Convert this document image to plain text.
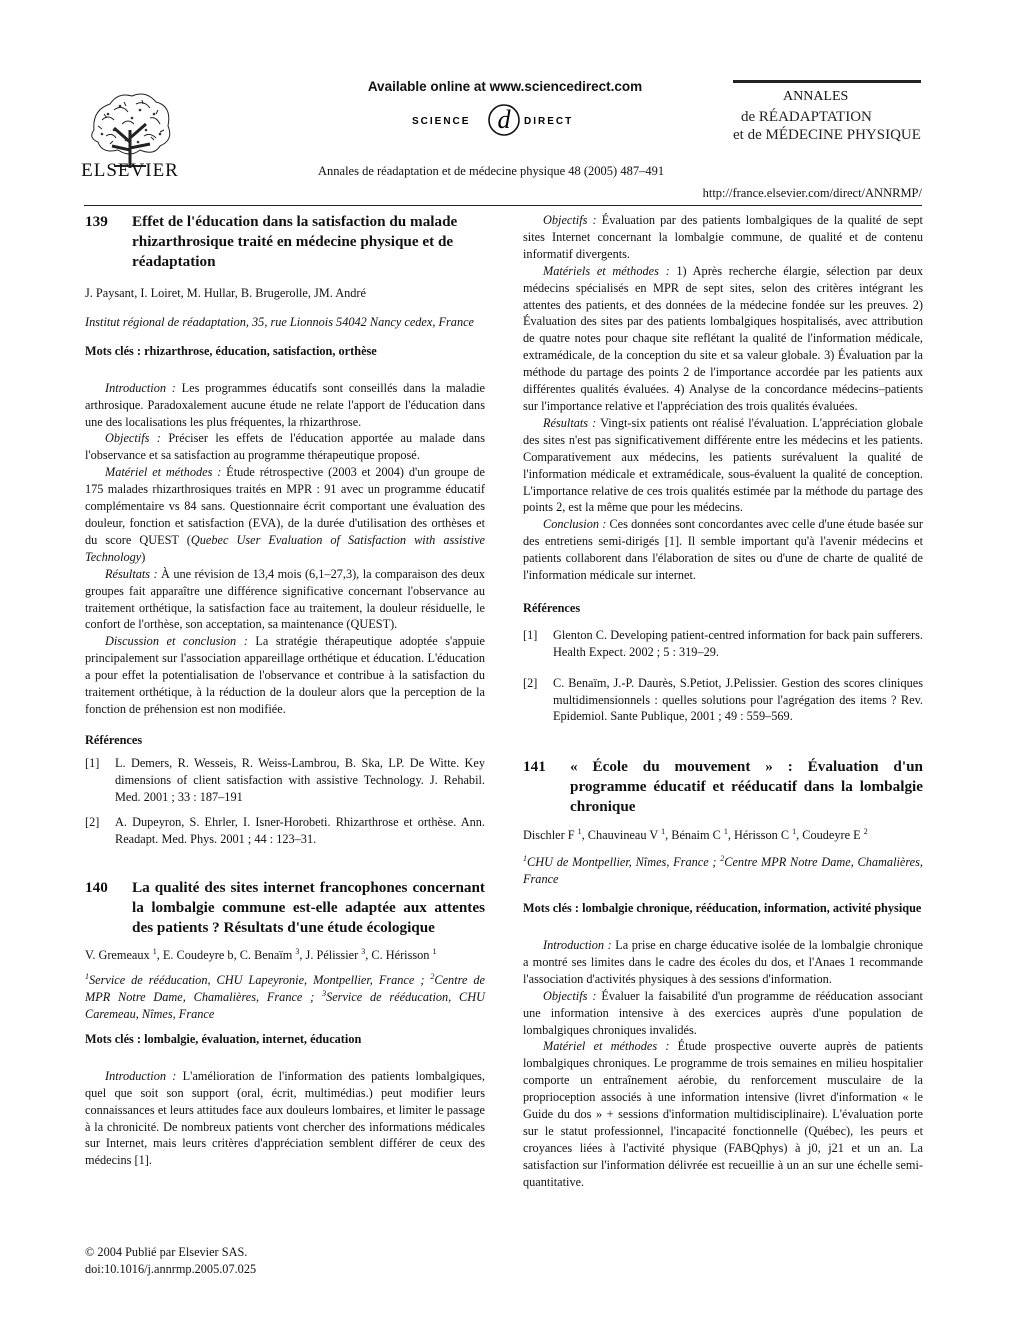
ELSEVIER
Available online at www.sciencedirect.com
SCIENCE d DIRECT
Annales de réadaptation et de médecine physique 48 (2005) 487–491
ANNALES
de RÉADAPTATION
et de MÉDECINE PHYSIQUE
http://france.elsevier.com/direct/ANNRMP/
139	Effet de l'éducation dans la satisfaction du malade rhizarthrosique traité en médecine physique et de réadaptation
J. Paysant, I. Loiret, M. Hullar, B. Brugerolle, JM. André
Institut régional de réadaptation, 35, rue Lionnois 54042 Nancy cedex, France
Mots clés : rhizarthrose, éducation, satisfaction, orthèse

Introduction : Les programmes éducatifs sont conseillés dans la maladie arthrosique. Paradoxalement aucune étude ne relate l'apport de l'éducation dans une des localisations les plus fréquentes, la rhizarthrose.

Objectifs : Préciser les effets de l'éducation apportée au malade dans l'observance et sa satisfaction au programme thérapeutique proposé.

Matériel et méthodes : Étude rétrospective (2003 et 2004) d'un groupe de 175 malades rhizarthrosiques traités en MPR : 91 avec un programme éducatif complémentaire vs 84 sans. Questionnaire écrit comportant une évaluation des douleur, fonction et satisfaction (EVA), de la durée d'utilisation des orthèses et du score QUEST (Quebec User Evaluation of Satisfaction with assistive Technology)

Résultats : À une révision de 13,4 mois (6,1–27,3), la comparaison des deux groupes fait apparaître une différence significative concernant l'observance au traitement orthétique, la satisfaction face au traitement, la douleur résiduelle, le confort de l'orthèse, son acceptation, sa maintenance (QUEST).

Discussion et conclusion : La stratégie thérapeutique adoptée s'appuie principalement sur l'association appareillage orthétique et éducation. L'éducation a pour effet la potentialisation de l'observance et contribue à la satisfaction du traitement orthétique, à la réduction de la douleur alors que la perception de la fonction de préhension est non modifiée.

Références
[1]	L. Demers, R. Wesseis, R. Weiss-Lambrou, B. Ska, LP. De Witte. Key dimensions of client satisfaction with assistive Technology. J. Rehabil. Med. 2001 ; 33 : 187–191
[2]	A. Dupeyron, S. Ehrler, I. Isner-Horobeti. Rhizarthrose et orthèse. Ann. Readapt. Med. Phys. 2001 ; 44 : 123–31.
140	La qualité des sites internet francophones concernant la lombalgie commune est-elle adaptée aux attentes des patients ? Résultats d'une étude écologique
V. Gremeaux $^1$, E. Coudeyre b, C. Benaïm $^3$, J. Pélissier $^3$, C. Hérisson $^1$
$^1$Service de rééducation, CHU Lapeyronie, Montpellier, France ; $^2$Centre de MPR Notre Dame, Chamalières, France ; $^3$Service de rééducation, CHU Caremeau, Nîmes, France
Mots clés : lombalgie, évaluation, internet, éducation

Introduction : L'amélioration de l'information des patients lombalgiques, quel que soit son support (oral, écrit, multimédias.) peut modifier leurs connaissances et leurs attitudes face aux douleurs lombaires, et limiter le passage à la chronicité. De nombreux patients vont chercher des informations médicales sur Internet, mais leurs critères d'appréciation semblent différer de ceux des médecins [1].

Objectifs : Évaluation par des patients lombalgiques de la qualité de sept sites Internet concernant la lombalgie commune, de qualité et de contenu informatif divergents.

Matériels et méthodes : 1) Après recherche élargie, sélection par deux médecins spécialisés en MPR de sept sites, selon des critères intégrant les attentes des patients, et des données de la médecine fondée sur les preuves. 2) Évaluation des sites par des patients lombalgiques hospitalisés, avec attribution de quatre notes pour chaque site reflétant la qualité de l'information médicale, extramédicale, de la conception du site et sa valeur globale. 3) Évaluation par la méthode du partage des points 2 de l'importance accordée par les patients aux différentes qualités évaluées. 4) Analyse de la concordance médecins–patients sur l'importance relative et l'appréciation des trois qualités évaluées.

Résultats : Vingt-six patients ont réalisé l'évaluation. L'appréciation globale des sites n'est pas significativement différente entre les médecins et les patients. Comparativement aux médecins, les patients surévaluent la qualité de l'information médicale et extramédicale, sous-évaluent la qualité de conception. L'importance relative de ces trois qualités estimée par la méthode du partage des points 2, est la même que pour les médecins.

Conclusion : Ces données sont concordantes avec celle d'une étude basée sur des entretiens semi-dirigés [1]. Il semble important qu'à l'avenir médecins et patients collaborent dans l'élaboration de sites ou d'une de charte de qualité de l'information médicale sur internet.

Références
[1]	Glenton C. Developing patient-centred information for back pain sufferers. Health Expect. 2002 ; 5 : 319–29.
[2]	C. Benaïm, J.-P. Daurès, S.Petiot, J.Pelissier. Gestion des scores cliniques multidimensionnels : quelles solutions pour l'agrégation des items ? Rev. Epidemiol. Sante Publique, 2001 ; 49 : 559–569.
141	« École du mouvement » : Évaluation d'un programme éducatif et rééducatif dans la lombalgie chronique
Dischler F $^1$, Chauvineau V $^1$, Bénaim C $^1$, Hérisson C $^1$, Coudeyre E $^2$
$^1$CHU de Montpellier, Nîmes, France ; $^2$Centre MPR Notre Dame, Chamalières, France
Mots clés : lombalgie chronique, rééducation, information, activité physique

Introduction : La prise en charge éducative isolée de la lombalgie chronique a montré ses limites dans le cadre des écoles du dos, et l'Anaes 1 recommande l'association d'activités physiques à des sessions d'information.

Objectifs : Évaluer la faisabilité d'un programme de rééducation associant une information intensive à des exercices auprès d'une population de lombalgiques chroniques invalidés.

Matériel et méthodes : Étude prospective ouverte auprès de patients lombalgiques chroniques. Le programme de trois semaines en milieu hospitalier comporte un entraînement aérobie, du renforcement musculaire de la proprioception associés à une information intensive (livret d'information « le Guide du dos » + sessions d'information multidisciplinaire). L'évaluation porte sur le statut professionnel, l'incapacité fonctionnelle (Québec), les peurs et croyances liées à l'activité physique (FABQphys) à j0, j21 et un an. La satisfaction sur l'information délivrée est recueillie à un an sur une échelle semi-quantitative.

© 2004 Publié par Elsevier SAS.
doi:10.1016/j.annrmp.2005.07.025
